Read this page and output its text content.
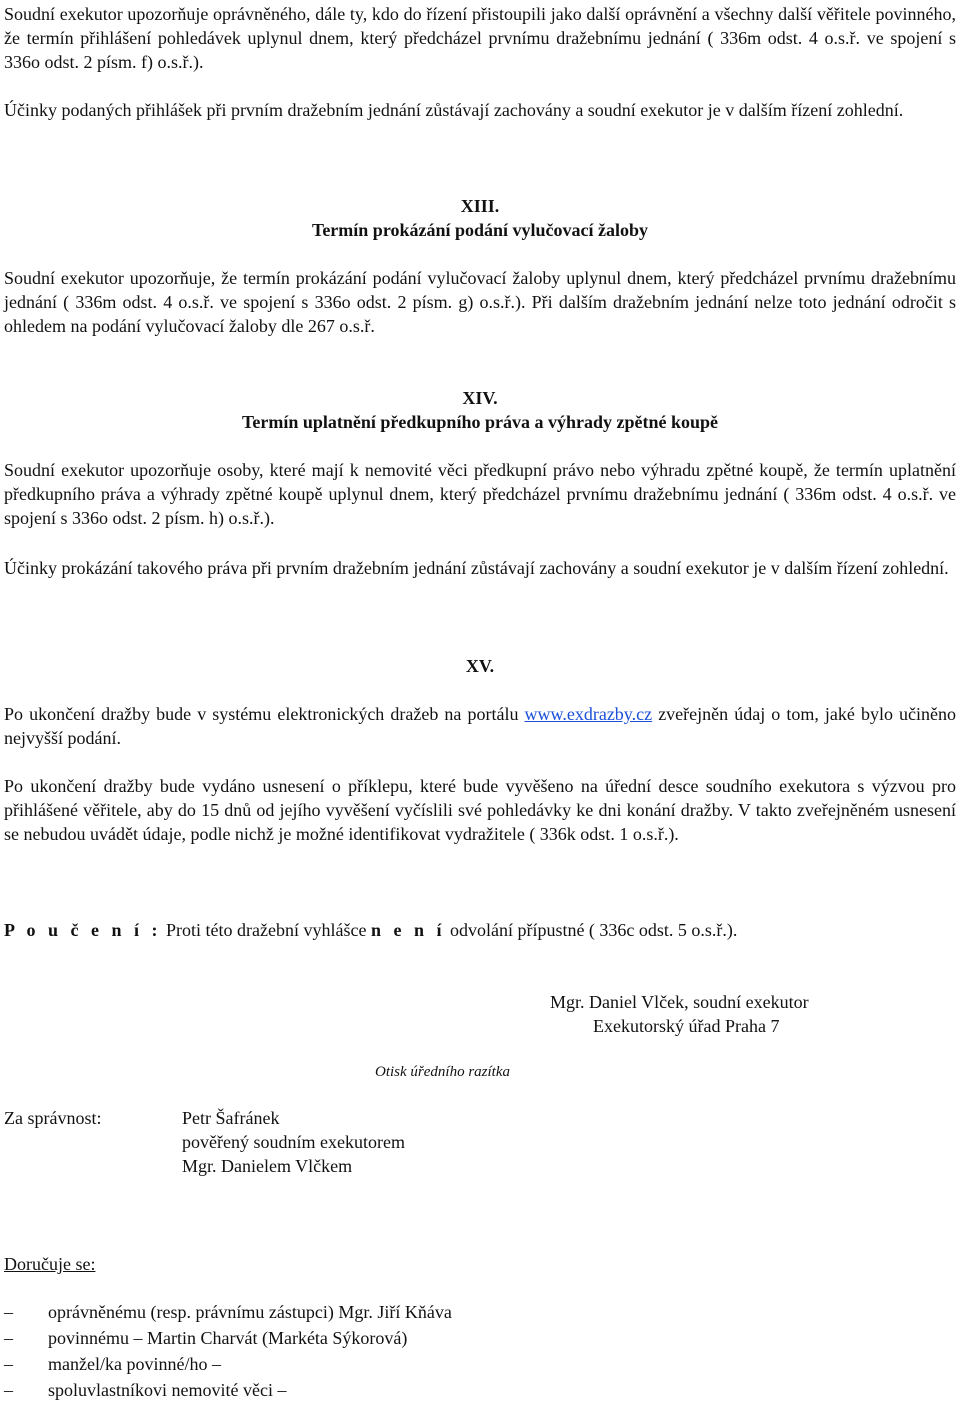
Soudní exekutor upozorňuje oprávněného, dále ty, kdo do řízení přistoupili jako další oprávnění a všechny další věřitele povinného, že termín přihlášení pohledávek uplynul dnem, který předcházel prvnímu dražebnímu jednání ( 336m odst. 4 o.s.ř. ve spojení s 336o odst. 2 písm. f) o.s.ř.).

Účinky podaných přihlášek při prvním dražebním jednání zůstávají zachovány a soudní exekutor je v dalším řízení zohlední.

XIII.

Termín prokázání podání vylučovací žaloby

Soudní exekutor upozorňuje, že termín prokázání podání vylučovací žaloby uplynul dnem, který předcházel prvnímu dražebnímu jednání ( 336m odst. 4 o.s.ř. ve spojení s 336o odst. 2 písm. g) o.s.ř.). Při dalším dražebním jednání nelze toto jednání odročit s ohledem na podání vylučovací žaloby dle 267 o.s.ř.

XIV.

Termín uplatnění předkupního práva a výhrady zpětné koupě

Soudní exekutor upozorňuje osoby, které mají k nemovité věci předkupní právo nebo výhradu zpětné koupě, že termín uplatnění předkupního práva a výhrady zpětné koupě uplynul dnem, který předcházel prvnímu dražebnímu jednání ( 336m odst. 4 o.s.ř. ve spojení s 336o odst. 2 písm. h) o.s.ř.).

Účinky prokázání takového práva při prvním dražebním jednání zůstávají zachovány a soudní exekutor je v dalším řízení zohlední.

XV.

Po ukončení dražby bude v systému elektronických dražeb na portálu www.exdrazby.cz zveřejněn údaj o tom, jaké bylo učiněno nejvyšší podání.

Po ukončení dražby bude vydáno usnesení o příklepu, které bude vyvěšeno na úřední desce soudního exekutora s výzvou pro přihlášené věřitele, aby do 15 dnů od jejího vyvěšení vyčíslili své pohledávky ke dni konání dražby. V takto zveřejněném usnesení se nebudou uvádět údaje, podle nichž je možné identifikovat vydražitele ( 336k odst. 1 o.s.ř.).

P o u č e n í : Proti této dražební vyhlášce n e n í odvolání přípustné ( 336c odst. 5 o.s.ř.).

Mgr. Daniel Vlček, soudní exekutor
Exekutorský úřad Praha 7
Otisk úředního razítka
Za správnost:	Petr Šafránek
pověřený soudním exekutorem
Mgr. Danielem Vlčkem
Doručuje se:
– oprávněnému (resp. právnímu zástupci) Mgr. Jiří Kňáva
– povinnému – Martin Charvát (Markéta Sýkorová)
– manžel/ka povinné/ho –
– spoluvlastníkovi nemovité věci –
